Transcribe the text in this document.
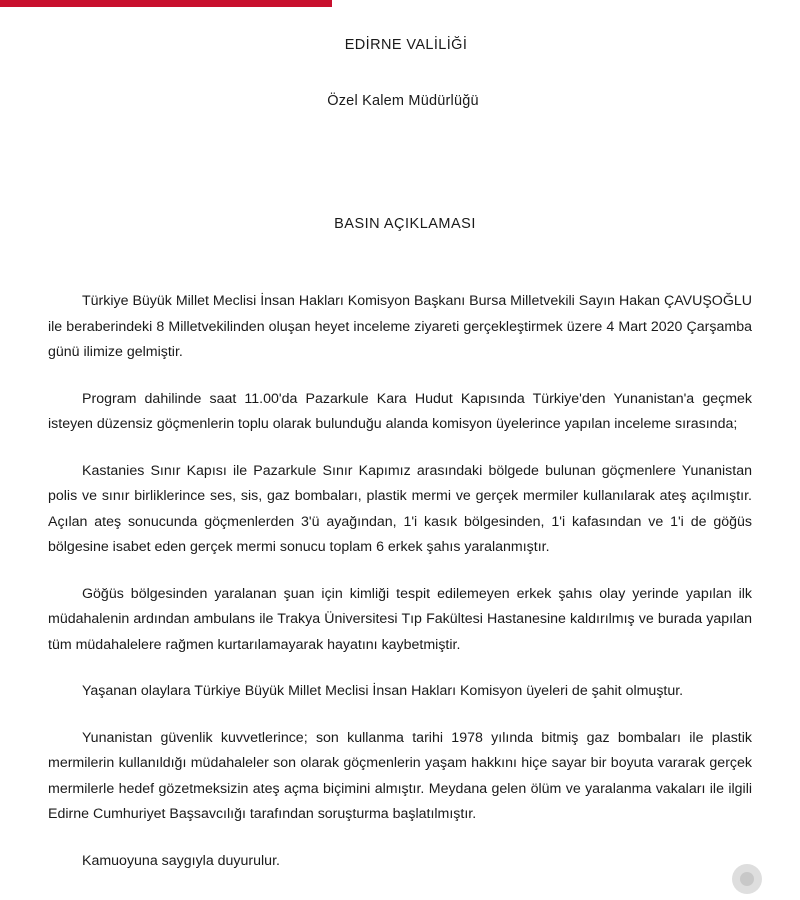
EDİRNE VALİLİĞİ
Özel Kalem Müdürlüğü
BASIN AÇIKLAMASI

Türkiye Büyük Millet Meclisi İnsan Hakları Komisyon Başkanı Bursa Milletvekili Sayın Hakan ÇAVUŞOĞLU ile beraberindeki 8 Milletvekilinden oluşan heyet inceleme ziyareti gerçekleştirmek üzere 4 Mart 2020 Çarşamba günü ilimize gelmiştir.

Program dahilinde saat 11.00'da Pazarkule Kara Hudut Kapısında Türkiye'den Yunanistan'a geçmek isteyen düzensiz göçmenlerin toplu olarak bulunduğu alanda komisyon üyelerince yapılan inceleme sırasında;

Kastanies Sınır Kapısı ile Pazarkule Sınır Kapımız arasındaki bölgede bulunan göçmenlere Yunanistan polis ve sınır birliklerince ses, sis, gaz bombaları, plastik mermi ve gerçek mermiler kullanılarak ateş açılmıştır. Açılan ateş sonucunda göçmenlerden 3'ü ayağından, 1'i kasık bölgesinden, 1'i kafasından ve 1'i de göğüs bölgesine isabet eden gerçek mermi sonucu toplam 6 erkek şahıs yaralanmıştır.

Göğüs bölgesinden yaralanan şuan için kimliği tespit edilemeyen erkek şahıs olay yerinde yapılan ilk müdahalenin ardından ambulans ile Trakya Üniversitesi Tıp Fakültesi Hastanesine kaldırılmış ve burada yapılan tüm müdahalelere rağmen kurtarılamayarak hayatını kaybetmiştir.

Yaşanan olaylara Türkiye Büyük Millet Meclisi İnsan Hakları Komisyon üyeleri de şahit olmuştur.

Yunanistan güvenlik kuvvetlerince; son kullanma tarihi 1978 yılında bitmiş gaz bombaları ile plastik mermilerin kullanıldığı müdahaleler son olarak göçmenlerin yaşam hakkını hiçe sayar bir boyuta vararak gerçek mermilerle hedef gözetmeksizin ateş açma biçimini almıştır. Meydana gelen ölüm ve yaralanma vakaları ile ilgili Edirne Cumhuriyet Başsavcılığı tarafından soruşturma başlatılmıştır.

Kamuoyuna saygıyla duyurulur.
